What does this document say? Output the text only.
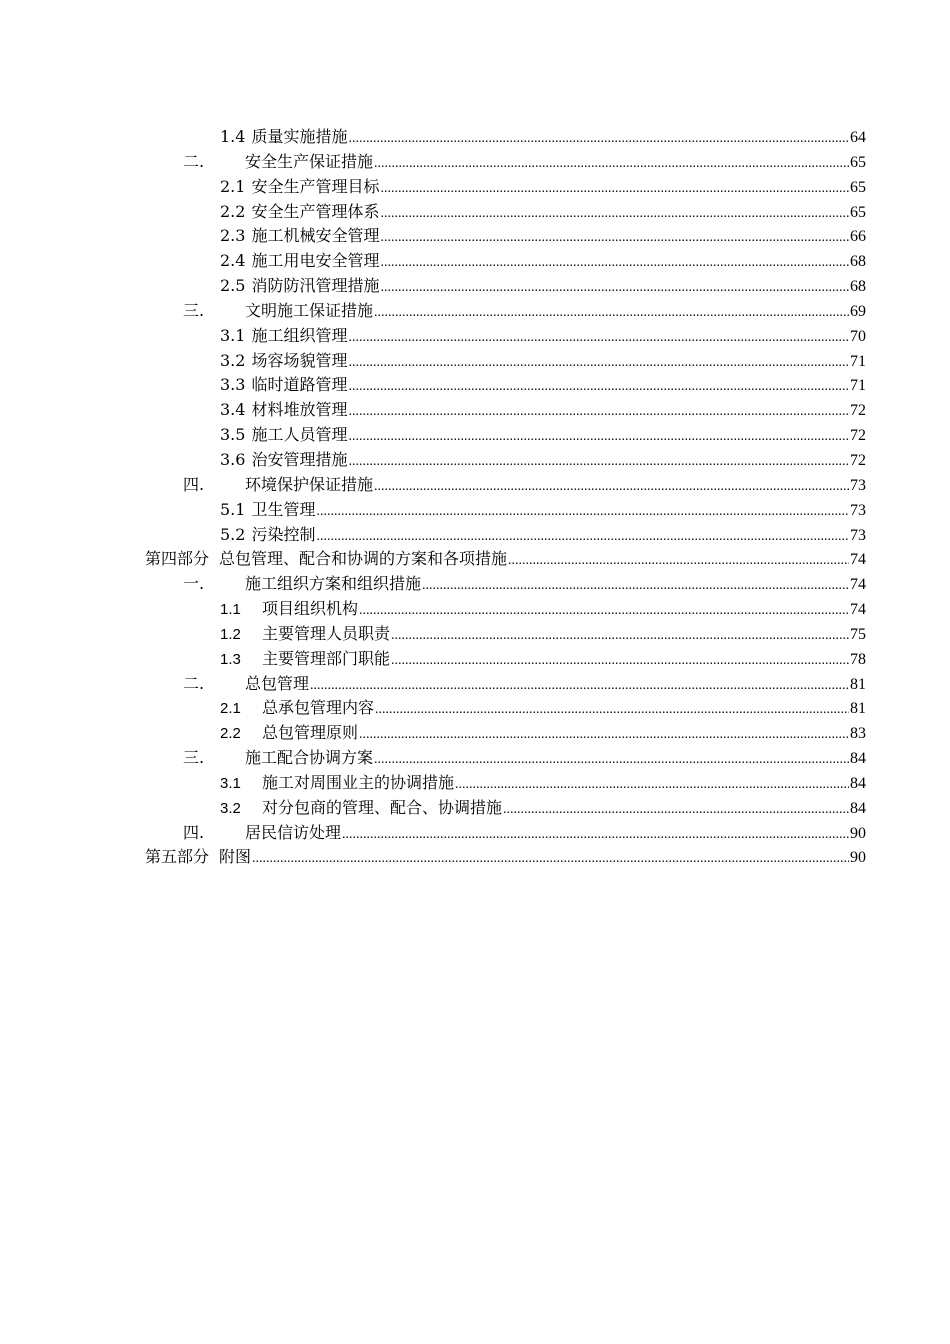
1.4 质量实施措施 .....	64
二.	安全生产保证措施 .....	65
2.1 安全生产管理目标 .....	65
2.2 安全生产管理体系 .....	65
2.3 施工机械安全管理 .....	66
2.4 施工用电安全管理 .....	68
2.5 消防防汛管理措施 .....	68
三.	文明施工保证措施 .....	69
3.1 施工组织管理 .....	70
3.2 场容场貌管理 .....	71
3.3 临时道路管理 .....	71
3.4 材料堆放管理 .....	72
3.5 施工人员管理 .....	72
3.6 治安管理措施 .....	72
四.	环境保护保证措施 .....	73
5.1 卫生管理 .....	73
5.2 污染控制 .....	73
第四部分 总包管理、配合和协调的方案和各项措施 .....	74
一.	施工组织方案和组织措施 .....	74
1.1	项目组织机构 .....	74
1.2	主要管理人员职责 .....	75
1.3	主要管理部门职能 .....	78
二.	总包管理 .....	81
2.1	总承包管理内容 .....	81
2.2	总包管理原则 .....	83
三.	施工配合协调方案 .....	84
3.1	施工对周围业主的协调措施 .....	84
3.2	对分包商的管理、配合、协调措施 .....	84
四.	居民信访处理 .....	90
第五部分 附图 .....	90
